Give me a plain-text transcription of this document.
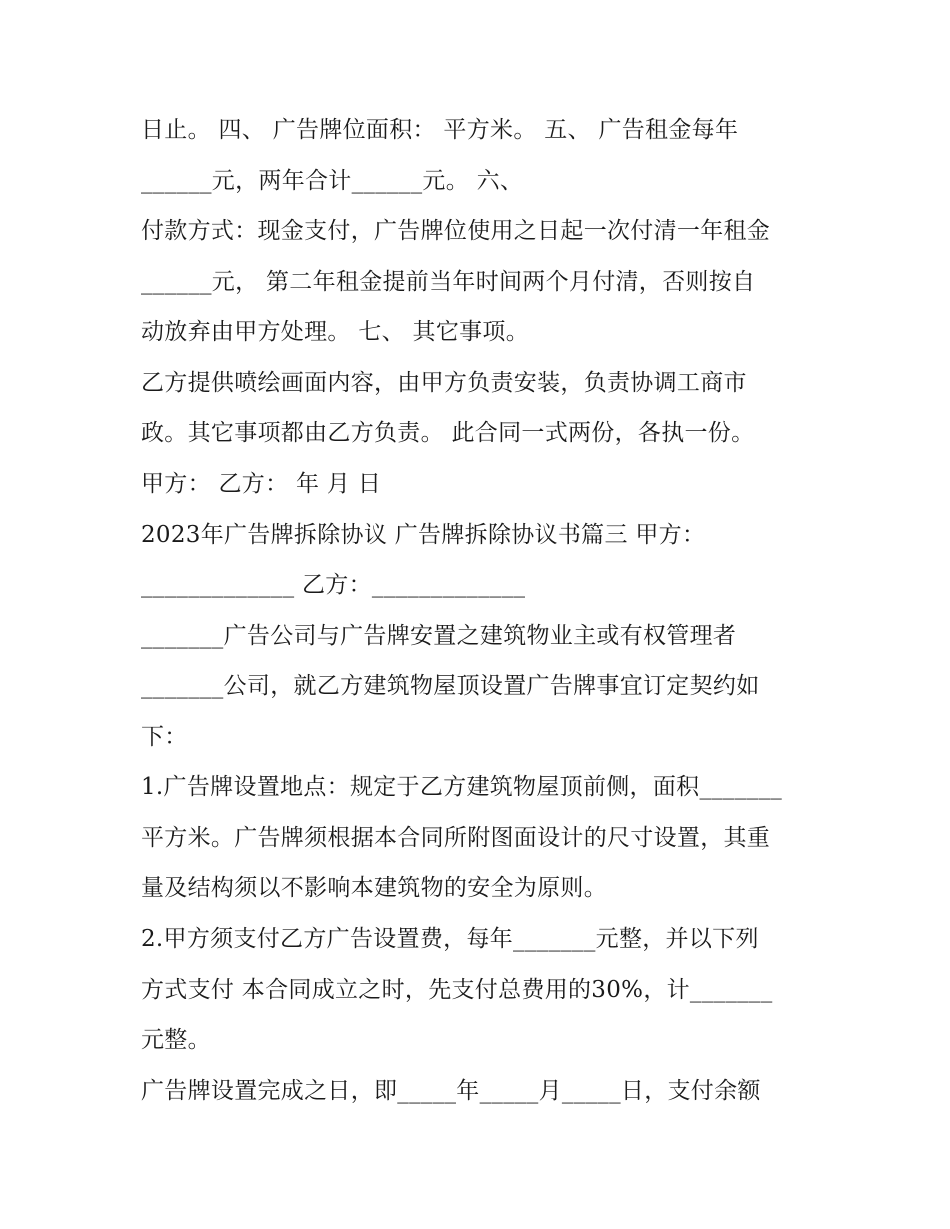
日止。 四、 广告牌位面积： 平方米。 五、 广告租金每年
______元，两年合计______元。 六、
付款方式：现金支付，广告牌位使用之日起一次付清一年租金
______元， 第二年租金提前当年时间两个月付清，否则按自
动放弃由甲方处理。 七、 其它事项。
乙方提供喷绘画面内容，由甲方负责安装，负责协调工商市
政。其它事项都由乙方负责。 此合同一式两份，各执一份。
甲方： 乙方： 年 月 日
2023年广告牌拆除协议 广告牌拆除协议书篇三 甲方：
_____________ 乙方：_____________
_______广告公司与广告牌安置之建筑物业主或有权管理者
_______公司，就乙方建筑物屋顶设置广告牌事宜订定契约如
下：
1.广告牌设置地点：规定于乙方建筑物屋顶前侧，面积_______
平方米。广告牌须根据本合同所附图面设计的尺寸设置，其重
量及结构须以不影响本建筑物的安全为原则。
2.甲方须支付乙方广告设置费，每年_______元整，并以下列
方式支付 本合同成立之时，先支付总费用的30%，计_______
元整。
广告牌设置完成之日，即_____年_____月_____日，支付余额
